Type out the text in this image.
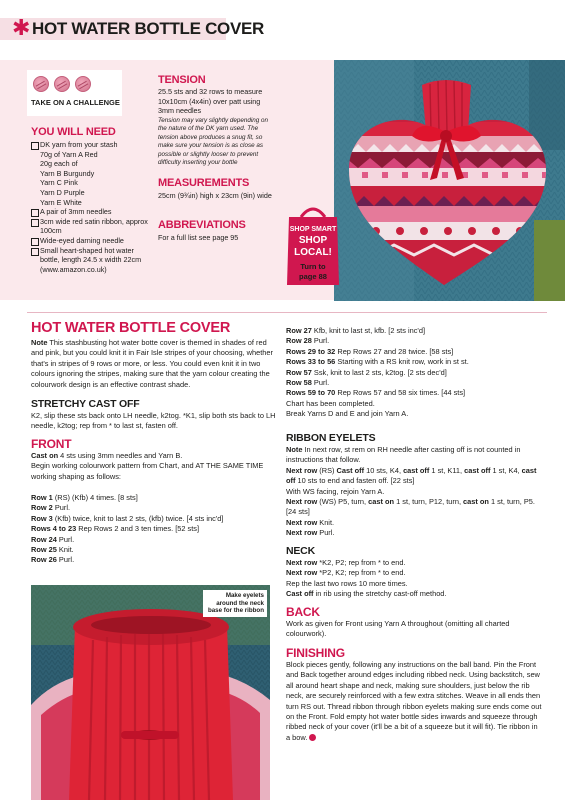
✱ HOT WATER BOTTLE COVER
TAKE ON A CHALLENGE
YOU WILL NEED
DK yarn from your stash
70g of Yarn A Red
20g each of
Yarn B Burgundy
Yarn C Pink
Yarn D Purple
Yarn E White
A pair of 3mm needles
3cm wide red satin ribbon, approx 100cm
Wide-eyed darning needle
Small heart-shaped hot water bottle, length 24.5 x width 22cm (www.amazon.co.uk)
TENSION

25.5 sts and 32 rows to measure 10x10cm (4x4in) over patt using 3mm needles

Tension may vary slightly depending on the nature of the DK yarn used. The tension above produces a snug fit, so make sure your tension is as close as possible or slightly looser to prevent difficulty inserting your bottle

MEASUREMENTS

25cm (9¾in) high x 23cm (9in) wide

ABBREVIATIONS

For a full list see page 95

SHOP SMART
SHOP
LOCAL!
Turn to
page 88
HOT WATER BOTTLE COVER

Note This stashbusting hot water botte cover is themed in shades of red and pink, but you could knit it in Fair Isle stripes of your choosing, whether that's in stripes of 9 rows or more, or less. You could even knit it in two colours ignoring the stripes, making sure that the yarn colour creating the colourwork design is an effective contrast shade.

STRETCHY CAST OFF

K2, slip these sts back onto LH needle, k2tog. *K1, slip both sts back to LH needle, k2tog; rep from * to last st, fasten off.

FRONT

Cast on 4 sts using 3mm needles and Yarn B.
Begin working colourwork pattern from Chart, and AT THE SAME TIME working shaping as follows:

Row 1 (RS) (Kfb) 4 times. [8 sts]
Row 2 Purl.
Row 3 (Kfb) twice, knit to last 2 sts, (kfb) twice. [4 sts inc'd]
Rows 4 to 23 Rep Rows 2 and 3 ten times. [52 sts]
Row 24 Purl.
Row 25 Knit.
Row 26 Purl.
Make eyelets around the neck base for the ribbon
Row 27 Kfb, knit to last st, kfb. [2 sts inc'd]
Row 28 Purl.
Rows 29 to 32 Rep Rows 27 and 28 twice. [58 sts]
Rows 33 to 56 Starting with a RS knit row, work in st st.
Row 57 Ssk, knit to last 2 sts, k2tog. [2 sts dec'd]
Row 58 Purl.
Rows 59 to 70 Rep Rows 57 and 58 six times. [44 sts]
Chart has been completed.
Break Yarns D and E and join Yarn A.
RIBBON EYELETS
Note In next row, st rem on RH needle after casting off is not counted in instructions that follow.
Next row (RS) Cast off 10 sts, K4, cast off 1 st, K11, cast off 1 st, K4, cast off 10 sts to end and fasten off. [22 sts]
With WS facing, rejoin Yarn A.
Next row (WS) P5, turn, cast on 1 st, turn, P12, turn, cast on 1 st, turn, P5. [24 sts]
Next row Knit.
Next row Purl.
NECK
Next row *K2, P2; rep from * to end.
Next row *P2, K2; rep from * to end.
Rep the last two rows 10 more times.
Cast off in rib using the stretchy cast-off method.
BACK

Work as given for Front using Yarn A throughout (omitting all charted colourwork).

FINISHING

Block pieces gently, following any instructions on the ball band. Pin the Front and Back together around edges including ribbed neck. Using backstitch, sew all around heart shape and neck, making sure shoulders, just below the rib neck, are securely reinforced with a few extra stitches. Weave in all ends then turn RS out. Thread ribbon through ribbon eyelets making sure ends come out on the Front. Fold empty hot water bottle sides inwards and squeeze through ribbed neck of your cover (it'll be a bit of a squeeze but it will fit). Tie ribbon in a bow.
